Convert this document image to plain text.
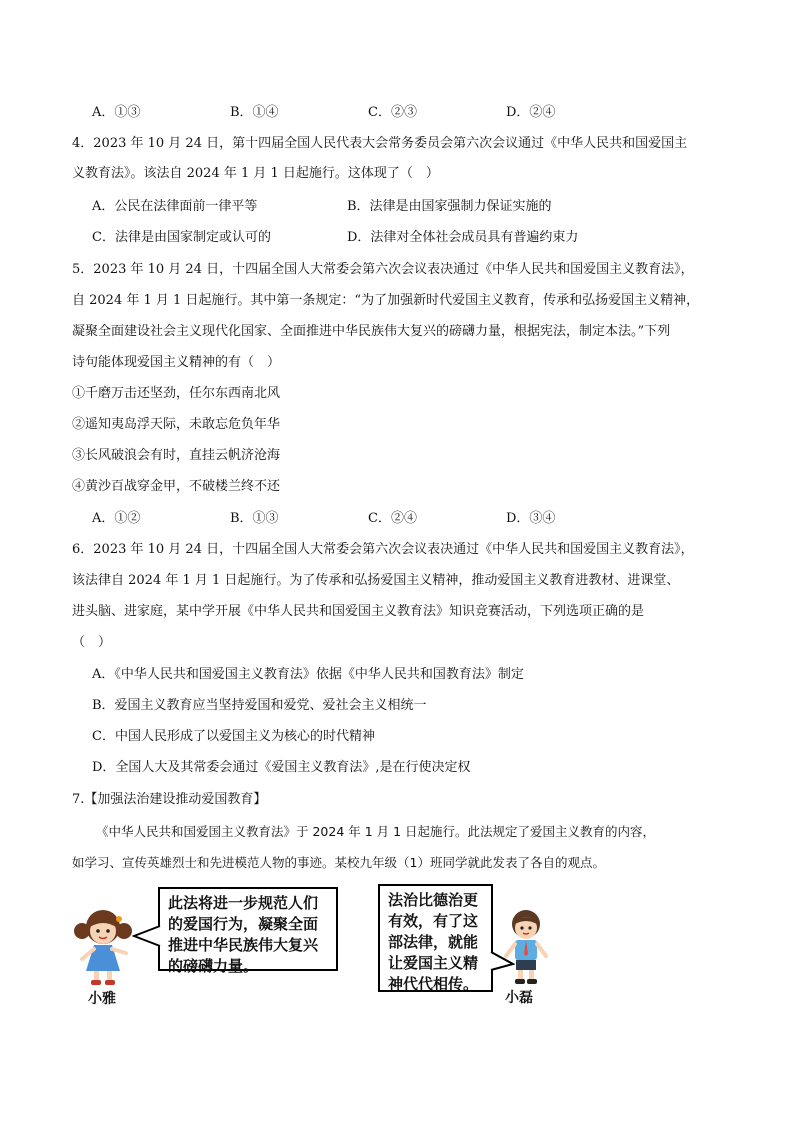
A．①③	B．①④	C．②③	D．②④
4．2023 年 10 月 24 日，第十四届全国人民代表大会常务委员会第六次会议通过《中华人民共和国爱国主
义教育法》。该法自 2024 年 1 月 1 日起施行。这体现了（　）
A．公民在法律面前一律平等	B．法律是由国家强制力保证实施的
C．法律是由国家制定或认可的	D．法律对全体社会成员具有普遍约束力
5．2023 年 10 月 24 日，十四届全国人大常委会第六次会议表决通过《中华人民共和国爱国主义教育法》，
自 2024 年 1 月 1 日起施行。其中第一条规定：“为了加强新时代爱国主义教育，传承和弘扬爱国主义精神，
凝聚全面建设社会主义现代化国家、全面推进中华民族伟大复兴的磅礴力量，根据宪法，制定本法。”下列
诗句能体现爱国主义精神的有（　）
①千磨万击还坚劲，任尔东西南北风
②遥知夷岛浮天际，未敢忘危负年华
③长风破浪会有时，直挂云帆济沧海
④黄沙百战穿金甲，不破楼兰终不还
A．①②	B．①③	C．②④	D．③④
6．2023 年 10 月 24 日，十四届全国人大常委会第六次会议表决通过《中华人民共和国爱国主义教育法》，
该法律自 2024 年 1 月 1 日起施行。为了传承和弘扬爱国主义精神，推动爱国主义教育进教材、进课堂、
进头脑、进家庭，某中学开展《中华人民共和国爱国主义教育法》知识竞赛活动，下列选项正确的是
（　）
A．《中华人民共和国爱国主义教育法》依据《中华人民共和国教育法》制定
B．爱国主义教育应当坚持爱国和爱党、爱社会主义相统一
C．中国人民形成了以爱国主义为核心的时代精神
D．全国人大及其常委会通过《爱国主义教育法》,是在行使决定权
7.【加强法治建设推动爱国教育】
《中华人民共和国爱国主义教育法》于 2024 年 1 月 1 日起施行。此法规定了爱国主义教育的内容，
如学习、宣传英雄烈士和先进模范人物的事迹。某校九年级（1）班同学就此发表了各自的观点。
小雅
此法将进一步规范人们
的爱国行为，凝聚全面
推进中华民族伟大复兴
的磅礴力量。
法治比德治更
有效，有了这
部法律，就能
让爱国主义精
神代代相传。
小磊
